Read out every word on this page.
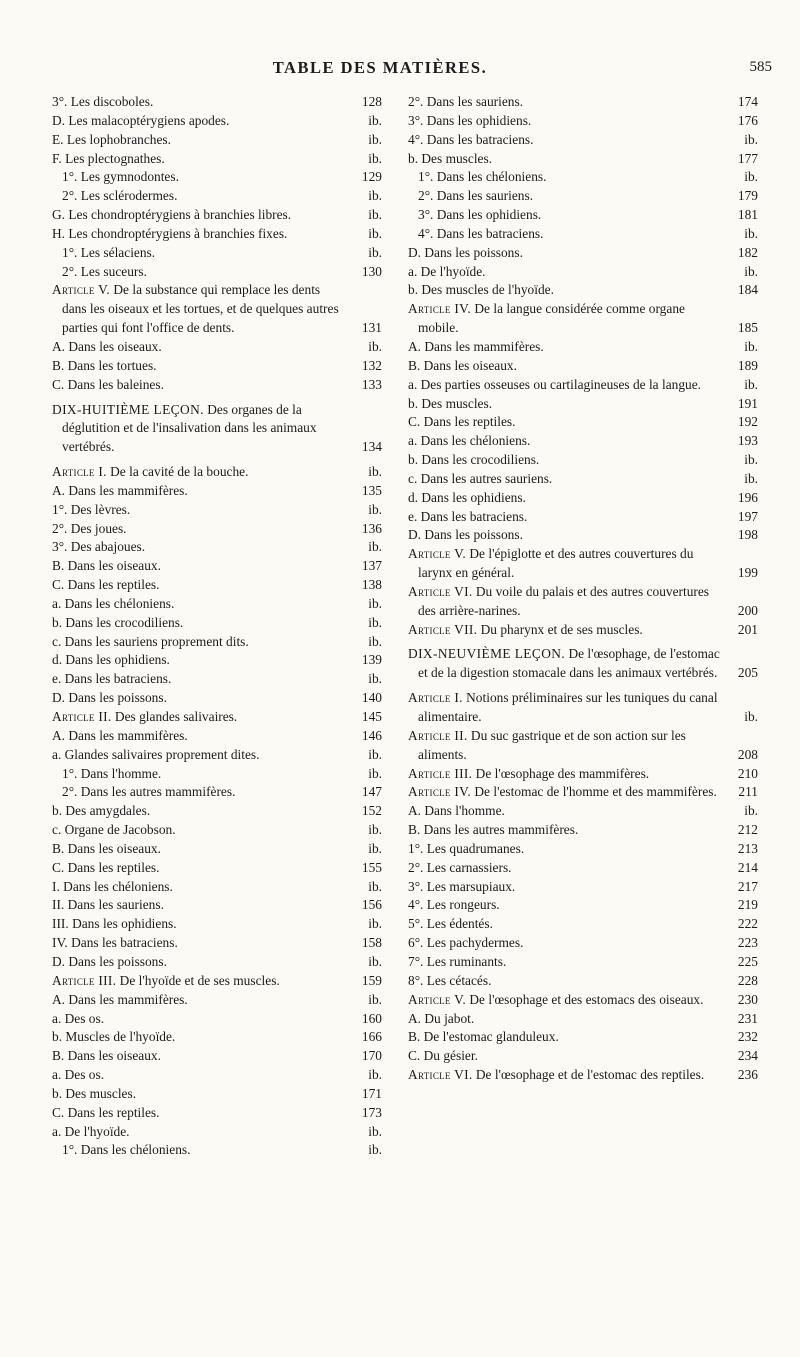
TABLE DES MATIÈRES.	585
3°. Les discoboles.	128
D. Les malacoptérygiens apodes.	ib.
E. Les lophobranches.	ib.
F. Les plectognathes.	ib.
1°. Les gymnodontes.	129
2°. Les sclérodermes.	ib.
G. Les chondroptérygiens à branchies libres.	ib.
H. Les chondroptérygiens à branchies fixes.	ib.
1°. Les sélaciens.	ib.
2°. Les suceurs.	130
Article V. De la substance qui remplace les dents dans les oiseaux et les tortues, et de quelques autres parties qui font l'office de dents.	131
A. Dans les oiseaux.	ib.
B. Dans les tortues.	132
C. Dans les baleines.	133
DIX-HUITIÈME LEÇON. Des organes de la déglutition et de l'insalivation dans les animaux vertébrés.	134
Article I. De la cavité de la bouche.	ib.
A. Dans les mammifères.	135
1°. Des lèvres.	ib.
2°. Des joues.	136
3°. Des abajoues.	ib.
B. Dans les oiseaux.	137
C. Dans les reptiles.	138
a. Dans les chéloniens.	ib.
b. Dans les crocodiliens.	ib.
c. Dans les sauriens proprement dits.	ib.
d. Dans les ophidiens.	139
e. Dans les batraciens.	ib.
D. Dans les poissons.	140
Article II. Des glandes salivaires.	145
A. Dans les mammifères.	146
a. Glandes salivaires proprement dites.	ib.
1°. Dans l'homme.	ib.
2°. Dans les autres mammifères.	147
b. Des amygdales.	152
c. Organe de Jacobson.	ib.
B. Dans les oiseaux.	ib.
C. Dans les reptiles.	155
I. Dans les chéloniens.	ib.
II. Dans les sauriens.	156
III. Dans les ophidiens.	ib.
IV. Dans les batraciens.	158
D. Dans les poissons.	ib.
Article III. De l'hyoïde et de ses muscles.	159
A. Dans les mammifères.	ib.
a. Des os.	160
b. Muscles de l'hyoïde.	166
B. Dans les oiseaux.	170
a. Des os.	ib.
b. Des muscles.	171
C. Dans les reptiles.	173
a. De l'hyoïde.	ib.
1°. Dans les chéloniens.	ib.
2°. Dans les sauriens.	174
3°. Dans les ophidiens.	176
4°. Dans les batraciens.	ib.
b. Des muscles.	177
1°. Dans les chéloniens.	ib.
2°. Dans les sauriens.	179
3°. Dans les ophidiens.	181
4°. Dans les batraciens.	ib.
D. Dans les poissons.	182
a. De l'hyoïde.	ib.
b. Des muscles de l'hyoïde.	184
Article IV. De la langue considérée comme organe mobile.	185
A. Dans les mammifères.	ib.
B. Dans les oiseaux.	189
a. Des parties osseuses ou cartilagineuses de la langue.	ib.
b. Des muscles.	191
C. Dans les reptiles.	192
a. Dans les chéloniens.	193
b. Dans les crocodiliens.	ib.
c. Dans les autres sauriens.	ib.
d. Dans les ophidiens.	196
e. Dans les batraciens.	197
D. Dans les poissons.	198
Article V. De l'épiglotte et des autres couvertures du larynx en général.	199
Article VI. Du voile du palais et des autres couvertures des arrière-narines.	200
Article VII. Du pharynx et de ses muscles.	201
DIX-NEUVIÈME LEÇON. De l'œsophage, de l'estomac et de la digestion stomacale dans les animaux vertébrés.	205
Article I. Notions préliminaires sur les tuniques du canal alimentaire.	ib.
Article II. Du suc gastrique et de son action sur les aliments.	208
Article III. De l'œsophage des mammifères.	210
Article IV. De l'estomac de l'homme et des mammifères.	211
A. Dans l'homme.	ib.
B. Dans les autres mammifères.	212
1°. Les quadrumanes.	213
2°. Les carnassiers.	214
3°. Les marsupiaux.	217
4°. Les rongeurs.	219
5°. Les édentés.	222
6°. Les pachydermes.	223
7°. Les ruminants.	225
8°. Les cétacés.	228
Article V. De l'œsophage et des estomacs des oiseaux.	230
A. Du jabot.	231
B. De l'estomac glanduleux.	232
C. Du gésier.	234
Article VI. De l'œsophage et de l'estomac des reptiles.	236
